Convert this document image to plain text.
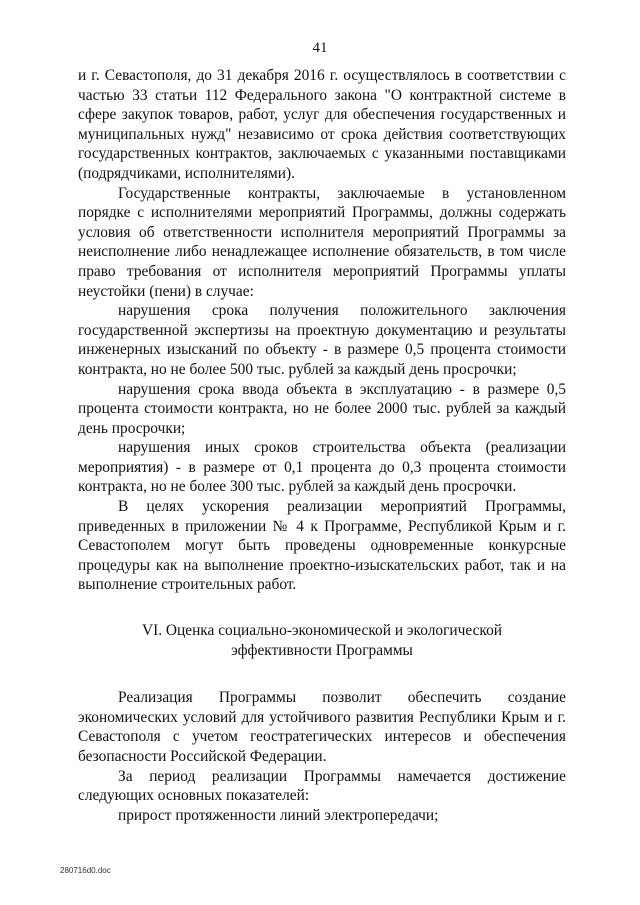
41

и г. Севастополя, до 31 декабря 2016 г. осуществлялось в соответствии с частью 33 статьи 112 Федерального закона "О контрактной системе в сфере закупок товаров, работ, услуг для обеспечения государственных и муниципальных нужд" независимо от срока действия соответствующих государственных контрактов, заключаемых с указанными поставщиками (подрядчиками, исполнителями).

Государственные контракты, заключаемые в установленном порядке с исполнителями мероприятий Программы, должны содержать условия об ответственности исполнителя мероприятий Программы за неисполнение либо ненадлежащее исполнение обязательств, в том числе право требования от исполнителя мероприятий Программы уплаты неустойки (пени) в случае:

нарушения срока получения положительного заключения государственной экспертизы на проектную документацию и результаты инженерных изысканий по объекту - в размере 0,5 процента стоимости контракта, но не более 500 тыс. рублей за каждый день просрочки;

нарушения срока ввода объекта в эксплуатацию - в размере 0,5 процента стоимости контракта, но не более 2000 тыс. рублей за каждый день просрочки;

нарушения иных сроков строительства объекта (реализации мероприятия) - в размере от 0,1 процента до 0,3 процента стоимости контракта, но не более 300 тыс. рублей за каждый день просрочки.

В целях ускорения реализации мероприятий Программы, приведенных в приложении № 4 к Программе, Республикой Крым и г. Севастополем могут быть проведены одновременные конкурсные процедуры как на выполнение проектно-изыскательских работ, так и на выполнение строительных работ.

VI. Оценка социально-экономической и экологической
эффективности Программы

Реализация Программы позволит обеспечить создание экономических условий для устойчивого развития Республики Крым и г. Севастополя с учетом геостратегических интересов и обеспечения безопасности Российской Федерации.

За период реализации Программы намечается достижение следующих основных показателей:

прирост протяженности линий электропередачи;

280716d0.doc
